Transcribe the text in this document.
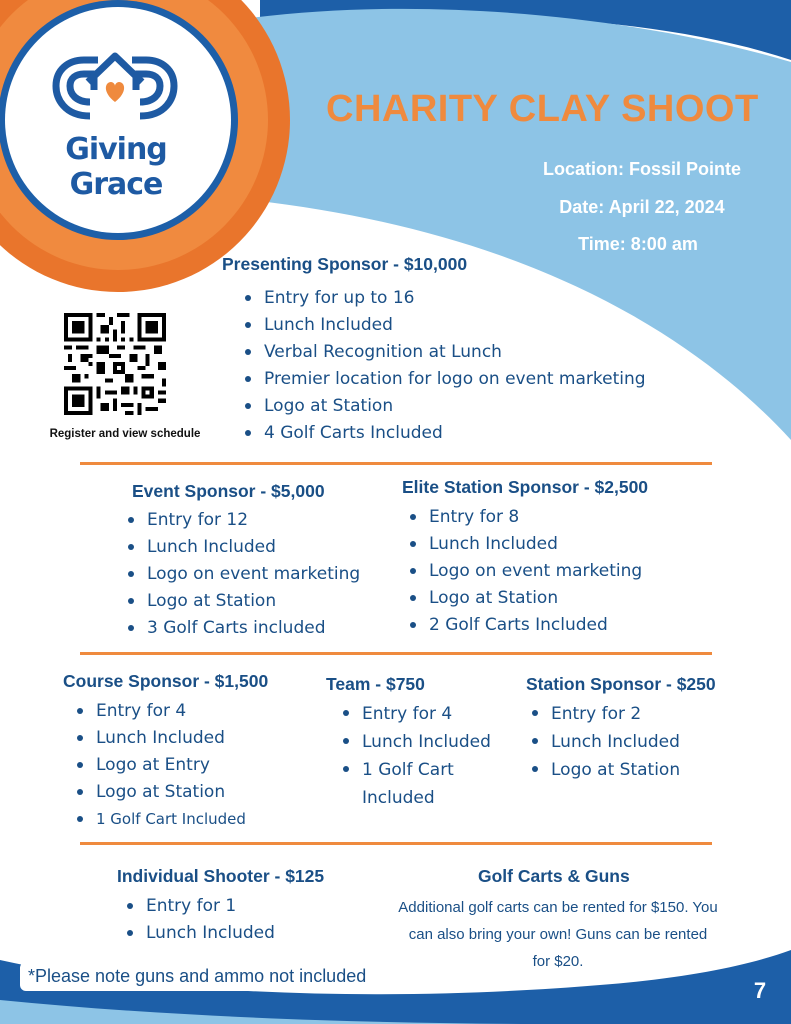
Giving Grace
CHARITY CLAY SHOOT
Location: Fossil Pointe
Date: April 22, 2024
Time: 8:00 am
Register and view schedule
Presenting Sponsor - $10,000
Entry for up to 16
Lunch Included
Verbal Recognition at Lunch
Premier location for logo on event marketing
Logo at Station
4 Golf Carts Included
Event Sponsor - $5,000
Entry for 12
Lunch Included
Logo on event marketing
Logo at Station
3 Golf Carts included
Elite Station Sponsor - $2,500
Entry for 8
Lunch Included
Logo on event marketing
Logo at Station
2 Golf Carts Included
Course Sponsor - $1,500
Entry for 4
Lunch Included
Logo at Entry
Logo at Station
1 Golf Cart Included
Team - $750
Entry for 4
Lunch Included
1 Golf Cart
Included
Station Sponsor - $250
Entry for 2
Lunch Included
Logo at Station
Individual Shooter - $125
Entry for 1
Lunch Included
Golf Carts & Guns
Additional golf carts can be rented for $150. You can also bring your own! Guns can be rented for $20.
*Please note guns and ammo not included
7
